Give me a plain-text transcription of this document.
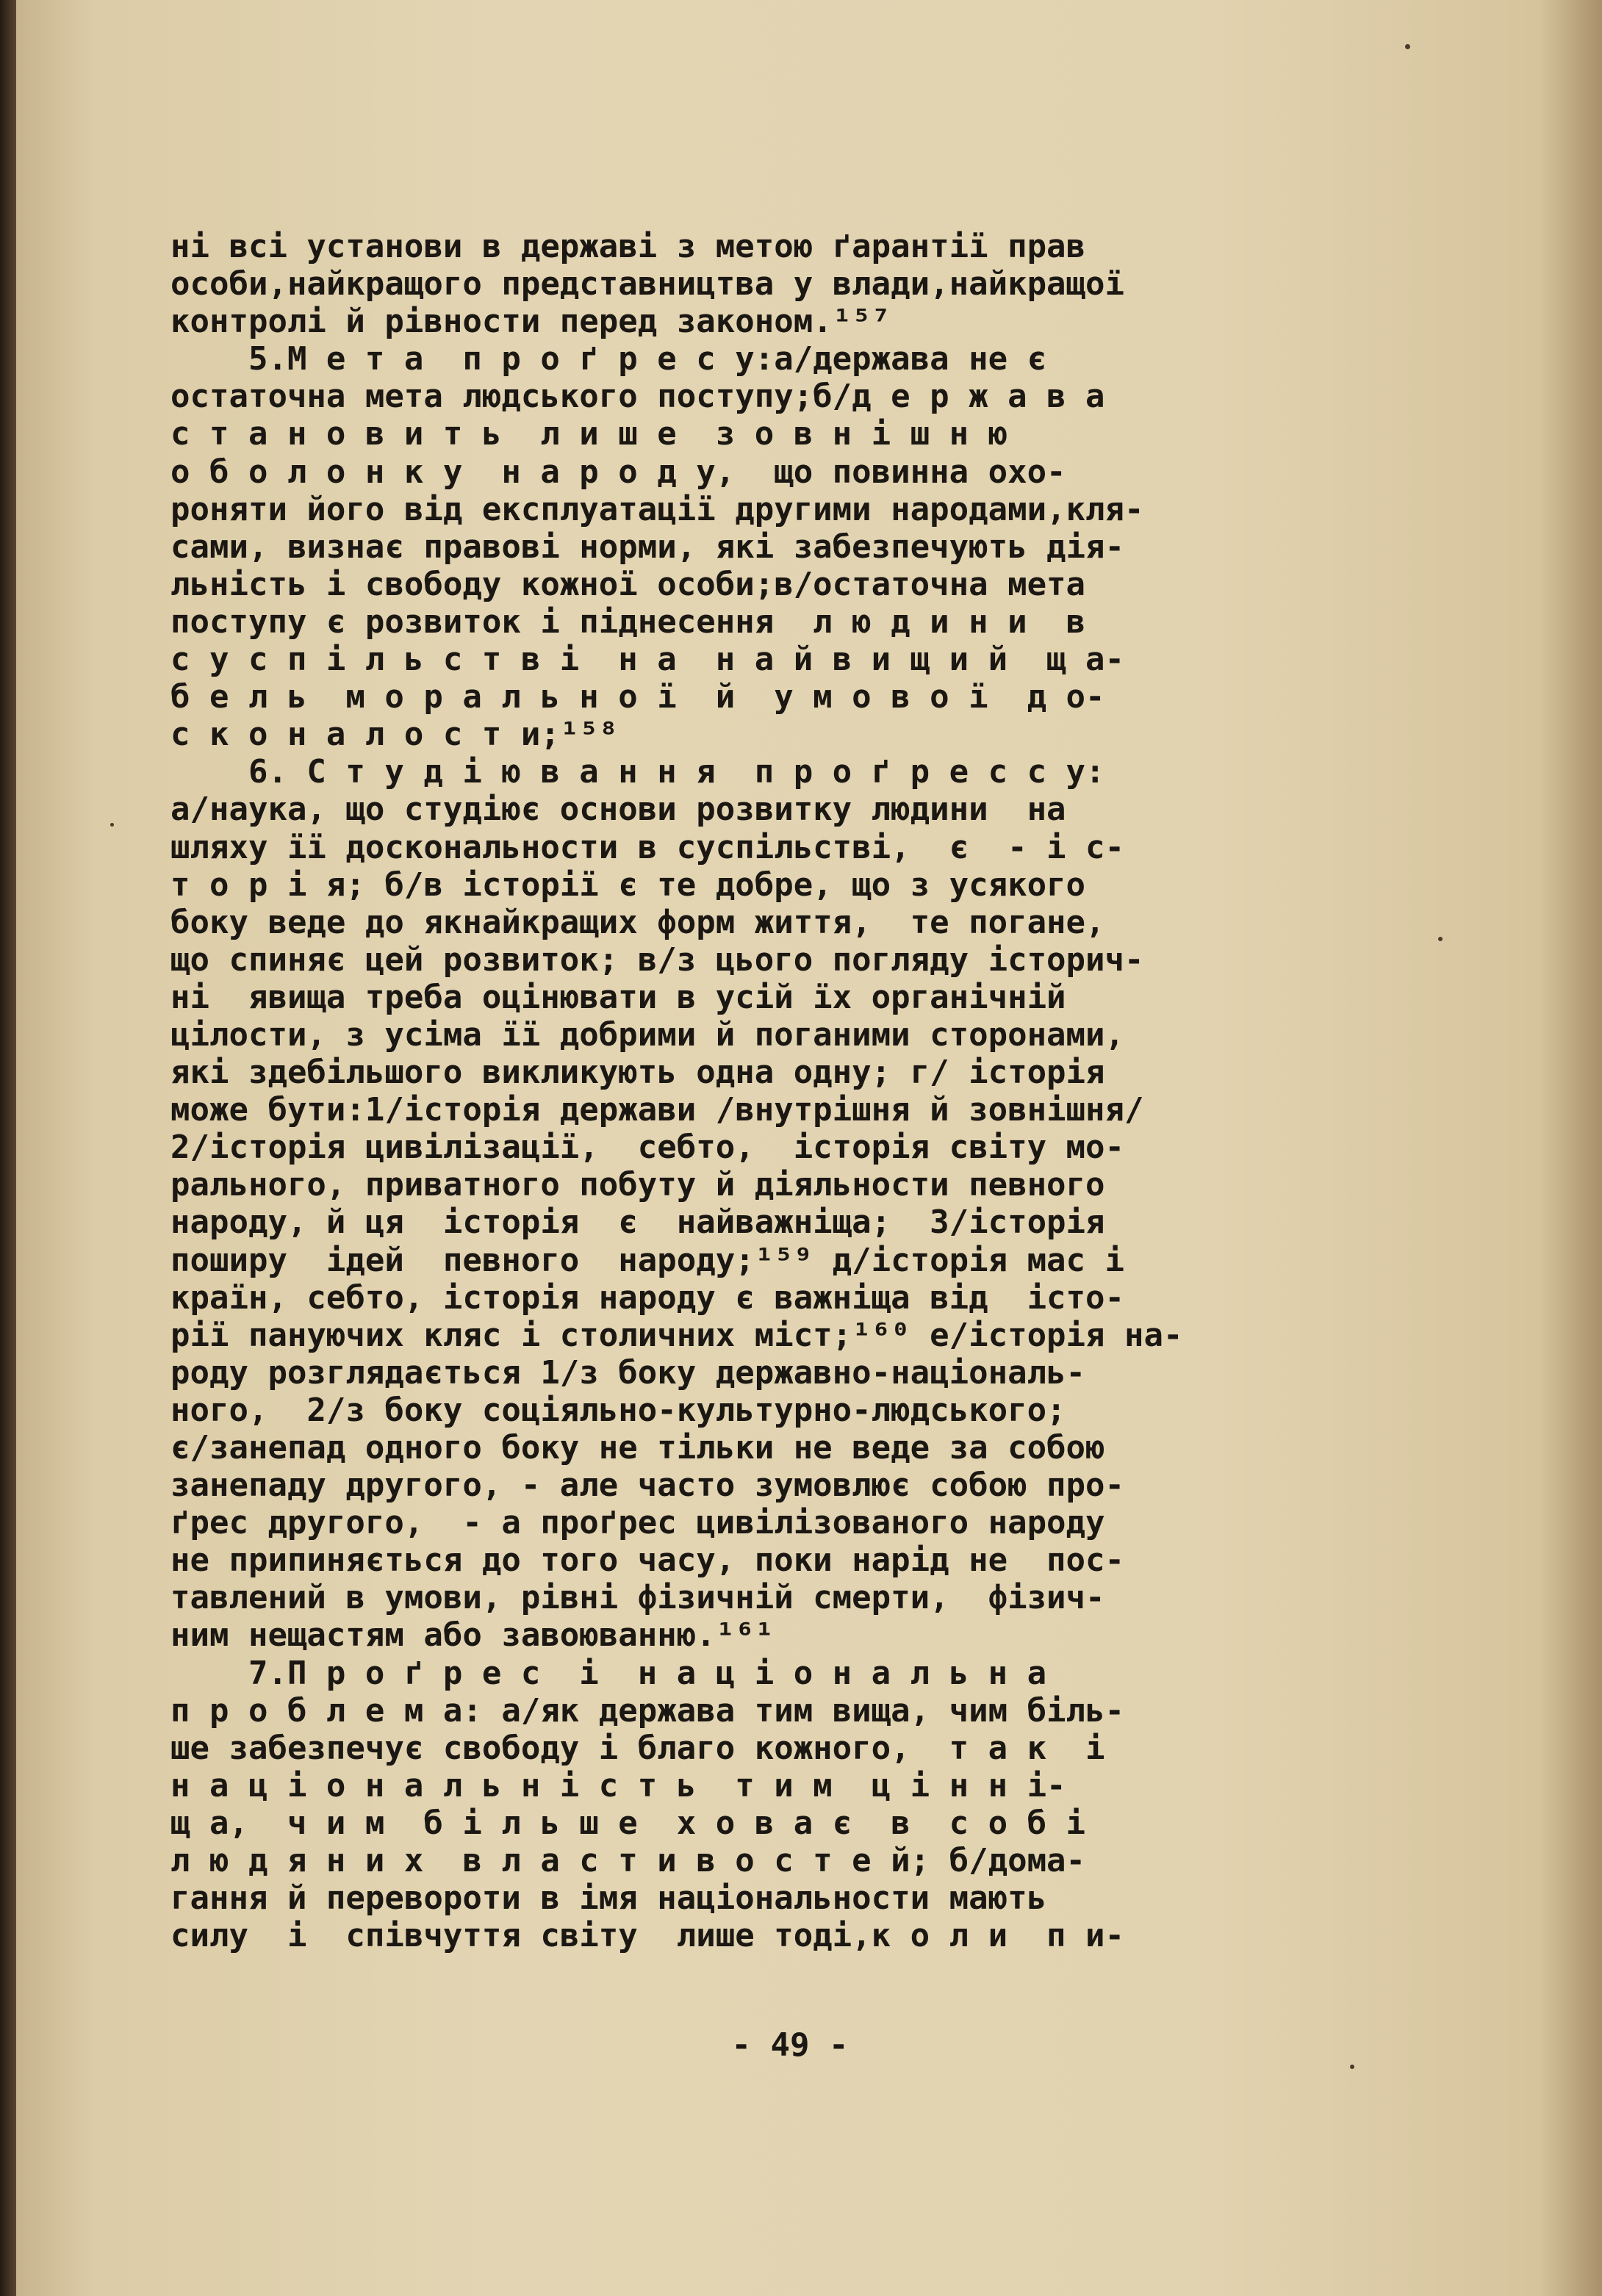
ні всі установи в державі з метою ґарантії прав
особи,найкращого представництва у влади,найкращої
контролі й рівности перед законом.¹⁵⁷
5.М е т а  п р о ґ р е с у:а/держава не є
остаточна мета людського поступу;б/д е р ж а в а
с т а н о в и т ь  л и ш е  з о в н і ш н ю
о б о л о н к у  н а р о д у,  що повинна охо-
роняти його від експлуатації другими народами,кля-
сами, визнає правові норми, які забезпечують дія-
льність і свободу кожної особи;в/остаточна мета
поступу є розвиток і піднесення  л ю д и н и  в
с у с п і л ь с т в і  н а  н а й в и щ и й  щ а-
б е л ь  м о р а л ь н о ї  й  у м о в о ї  д о-
с к о н а л о с т и;¹⁵⁸
6. С т у д і ю в а н н я  п р о ґ р е с с у:
а/наука, що студіює основи розвитку людини  на
шляху її доскональности в суспільстві,  є  - і с-
т о р і я; б/в історії є те добре, що з усякого
боку веде до якнайкращих форм життя,  те погане,
що спиняє цей розвиток; в/з цього погляду історич-
ні  явища треба оцінювати в усій їх органічній
цілости, з усіма її добрими й поганими сторонами,
які здебільшого викликують одна одну; г/ історія
може бути:1/історія держави /внутрішня й зовнішня/
2/історія цивілізації,  себто,  історія світу мо-
рального, приватного побуту й діяльности певного
народу, й ця  історія  є  найважніща;  3/історія
поширу  ідей  певного  народу;¹⁵⁹ д/історія мас і
країн, себто, історія народу є важніща від  істо-
рії пануючих кляс і столичних міст;¹⁶⁰ е/історія на-
роду розглядається 1/з боку державно-національ-
ного,  2/з боку соціяльно-культурно-людського;
є/занепад одного боку не тільки не веде за собою
занепаду другого, - але часто зумовлює собою про-
ґрес другого,  - а проґрес цивілізованого народу
не припиняється до того часу, поки нарід не  пос-
тавлений в умови, рівні фізичній смерти,  фізич-
ним нещастям або завоюванню.¹⁶¹
7.П р о ґ р е с  і  н а ц і о н а л ь н а
п р о б л е м а: а/як держава тим вища, чим біль-
ше забезпечує свободу і благо кожного,  т а к  і
н а ц і о н а л ь н і с т ь  т и м  ц і н н і-
щ а,  ч и м  б і л ь ш е  х о в а є  в  с о б і
л ю д я н и х  в л а с т и в о с т е й; б/дома-
гання й перевороти в імя національности мають
силу  і  співчуття світу  лише тоді,к о л и  п и-
- 49 -
